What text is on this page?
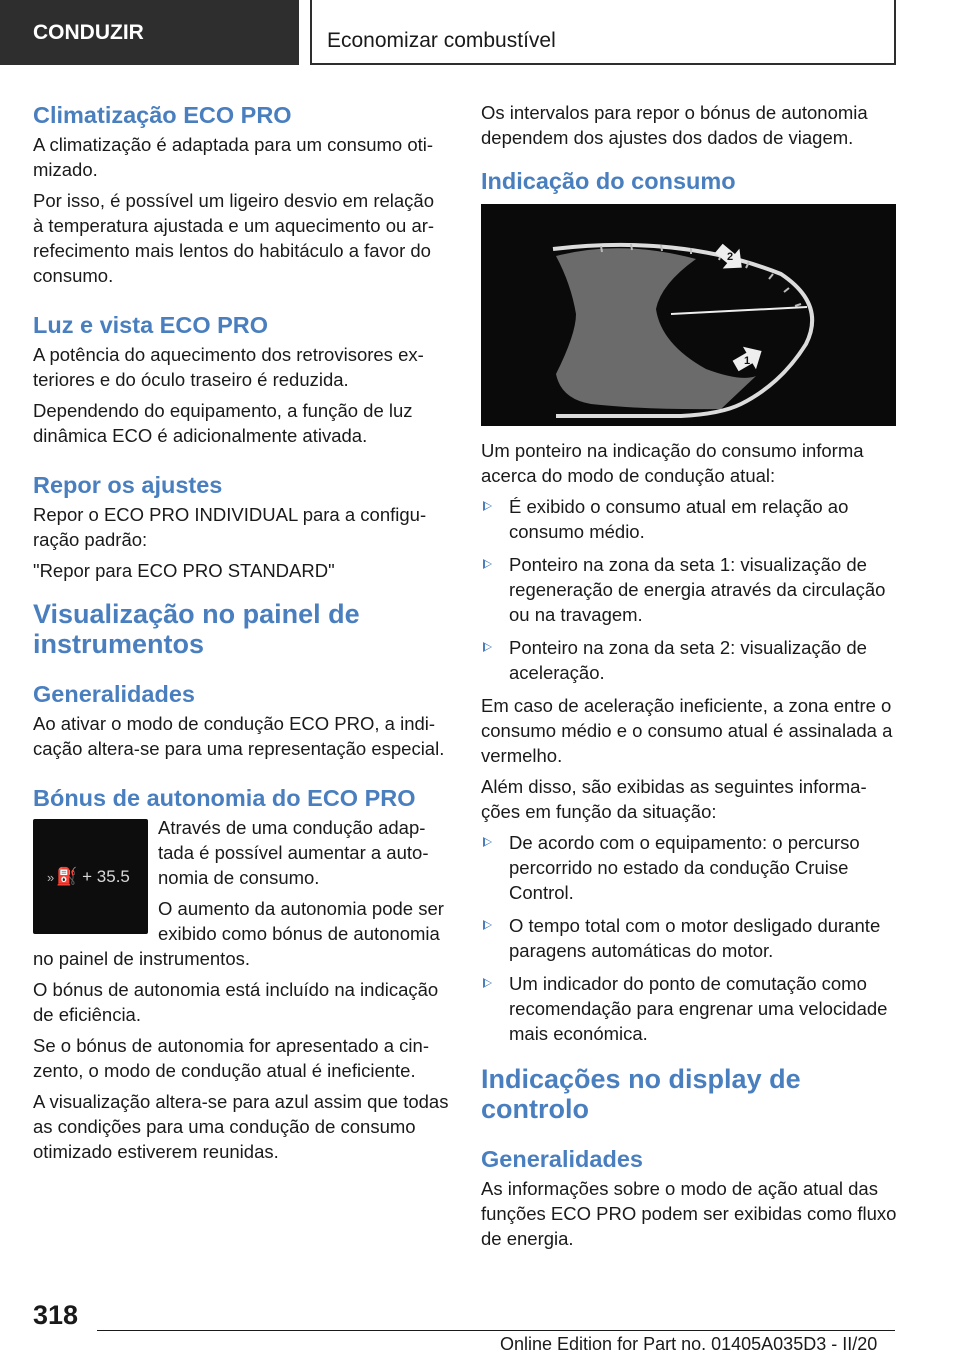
CONDUZIR	Economizar combustível
Climatização ECO PRO
A climatização é adaptada para um consumo otimizado.
Por isso, é possível um ligeiro desvio em relação à temperatura ajustada e um aquecimento ou arrefecimento mais lentos do habitáculo a favor do consumo.
Luz e vista ECO PRO
A potência do aquecimento dos retrovisores exteriores e do óculo traseiro é reduzida.
Dependendo do equipamento, a função de luz dinâmica ECO é adicionalmente ativada.
Repor os ajustes
Repor o ECO PRO INDIVIDUAL para a configuração padrão:
"Repor para ECO PRO STANDARD"
Visualização no painel de instrumentos
Generalidades
Ao ativar o modo de condução ECO PRO, a indicação altera-se para uma representação especial.
Bónus de autonomia do ECO PRO
» ⛽ + 35.5
Através de uma condução adaptada é possível aumentar a autonomia de consumo.
O aumento da autonomia pode ser exibido como bónus de autonomia no painel de instrumentos.
O bónus de autonomia está incluído na indicação de eficiência.
Se o bónus de autonomia for apresentado a cinzento, o modo de condução atual é ineficiente.
A visualização altera-se para azul assim que todas as condições para uma condução de consumo otimizado estiverem reunidas.
Os intervalos para repor o bónus de autonomia dependem dos ajustes dos dados de viagem.
Indicação do consumo
2
1
Um ponteiro na indicação do consumo informa acerca do modo de condução atual:
É exibido o consumo atual em relação ao consumo médio.
Ponteiro na zona da seta 1: visualização de regeneração de energia através da circulação ou na travagem.
Ponteiro na zona da seta 2: visualização de aceleração.
Em caso de aceleração ineficiente, a zona entre o consumo médio e o consumo atual é assinalada a vermelho.
Além disso, são exibidas as seguintes informações em função da situação:
De acordo com o equipamento: o percurso percorrido no estado da condução Cruise Control.
O tempo total com o motor desligado durante paragens automáticas do motor.
Um indicador do ponto de comutação como recomendação para engrenar uma velocidade mais económica.
Indicações no display de controlo
Generalidades
As informações sobre o modo de ação atual das funções ECO PRO podem ser exibidas como fluxo de energia.
318
Online Edition for Part no. 01405A035D3 - II/20
